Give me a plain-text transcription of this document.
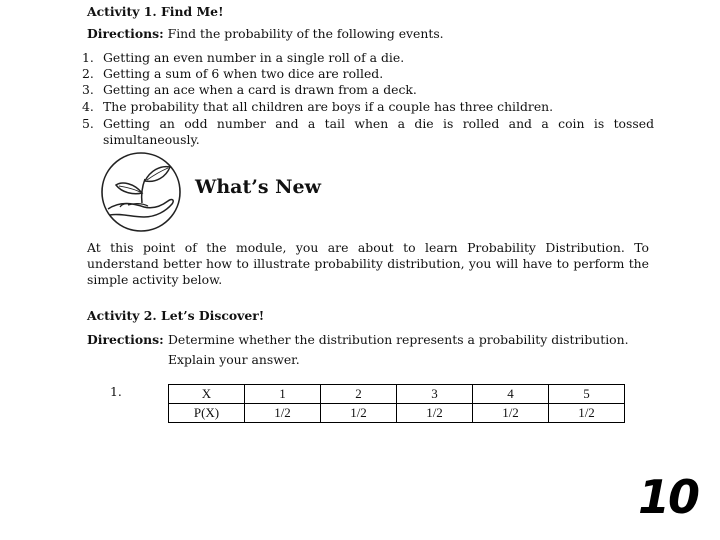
Activity 1. Find Me!
Directions: Find the probability of the following events.
1. Getting an even number in a single roll of a die.
2. Getting a sum of 6 when two dice are rolled.
3. Getting an ace when a card is drawn from a deck.
4. The probability that all children are boys if a couple has three children.
5. Getting an odd number and a tail when a die is rolled and a coin is tossed simultaneously.
What’s New
At this point of the module, you are about to learn Probability Distribution. To understand better how to illustrate probability distribution, you will have to perform the simple activity below.
Activity 2. Let’s Discover!
Directions: Determine whether the distribution represents a probability distribution.
Explain your answer.
1.	X	1	2	3	4	5
P(X)	1/2	1/2	1/2	1/2	1/2
10
